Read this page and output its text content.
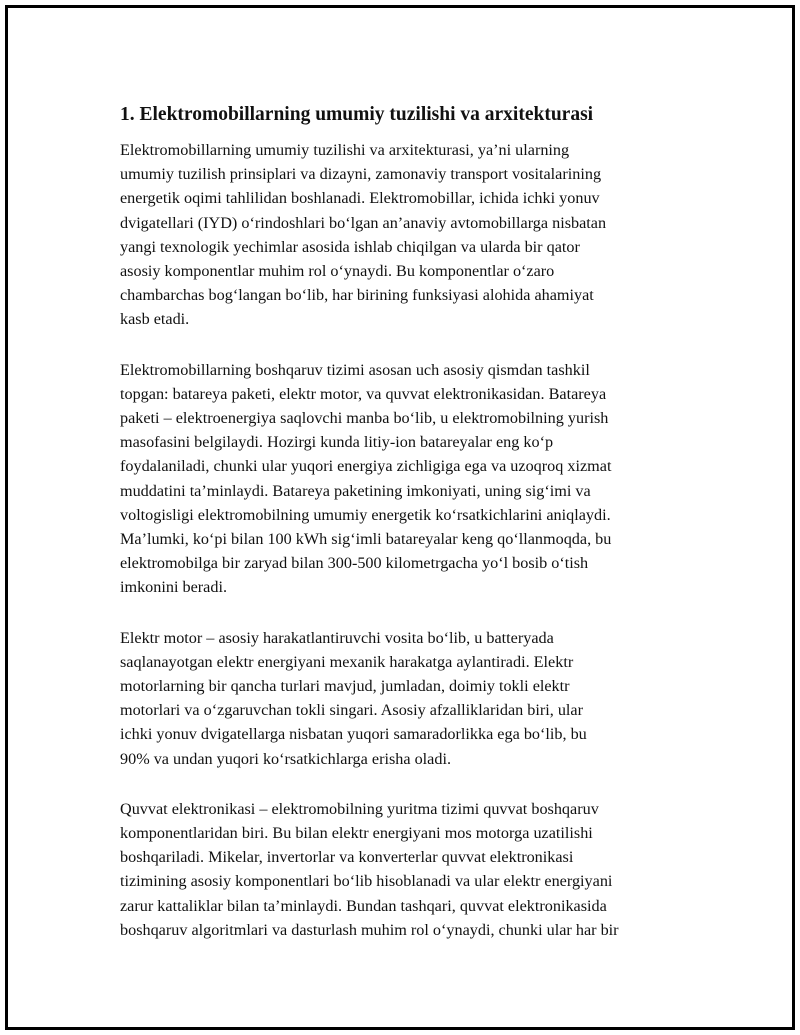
1. Elektromobillarning umumiy tuzilishi va arxitekturasi

Elektromobillarning umumiy tuzilishi va arxitekturasi, ya’ni ularning
umumiy tuzilish prinsiplari va dizayni, zamonaviy transport vositalarining
energetik oqimi tahlilidan boshlanadi. Elektromobillar, ichida ichki yonuv
dvigatellari (IYD) o‘rindoshlari bo‘lgan an’anaviy avtomobillarga nisbatan
yangi texnologik yechimlar asosida ishlab chiqilgan va ularda bir qator
asosiy komponentlar muhim rol o‘ynaydi. Bu komponentlar o‘zaro
chambarchas bog‘langan bo‘lib, har birining funksiyasi alohida ahamiyat
kasb etadi.

Elektromobillarning boshqaruv tizimi asosan uch asosiy qismdan tashkil
topgan: batareya paketi, elektr motor, va quvvat elektronikasidan. Batareya
paketi – elektroenergiya saqlovchi manba bo‘lib, u elektromobilning yurish
masofasini belgilaydi. Hozirgi kunda litiy-ion batareyalar eng ko‘p
foydalaniladi, chunki ular yuqori energiya zichligiga ega va uzoqroq xizmat
muddatini ta’minlaydi. Batareya paketining imkoniyati, uning sig‘imi va
voltogisligi elektromobilning umumiy energetik ko‘rsatkichlarini aniqlaydi.
Ma’lumki, ko‘pi bilan 100 kWh sig‘imli batareyalar keng qo‘llanmoqda, bu
elektromobilga bir zaryad bilan 300-500 kilometrgacha yo‘l bosib o‘tish
imkonini beradi.

Elektr motor – asosiy harakatlantiruvchi vosita bo‘lib, u batteryada
saqlanayotgan elektr energiyani mexanik harakatga aylantiradi. Elektr
motorlarning bir qancha turlari mavjud, jumladan, doimiy tokli elektr
motorlari va o‘zgaruvchan tokli singari. Asosiy afzalliklaridan biri, ular
ichki yonuv dvigatellarga nisbatan yuqori samaradorlikka ega bo‘lib, bu
90% va undan yuqori ko‘rsatkichlarga erisha oladi.

Quvvat elektronikasi – elektromobilning yuritma tizimi quvvat boshqaruv
komponentlaridan biri. Bu bilan elektr energiyani mos motorga uzatilishi
boshqariladi. Mikelar, invertorlar va konverterlar quvvat elektronikasi
tizimining asosiy komponentlari bo‘lib hisoblanadi va ular elektr energiyani
zarur kattaliklar bilan ta’minlaydi. Bundan tashqari, quvvat elektronikasida
boshqaruv algoritmlari va dasturlash muhim rol o‘ynaydi, chunki ular har bir
